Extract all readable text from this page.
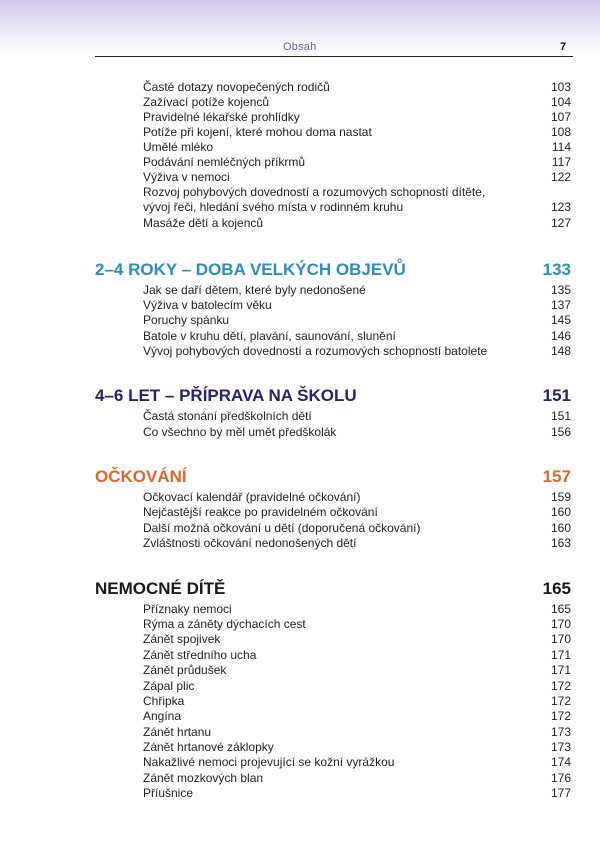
Obsah	7
Časté dotazy novopečených rodičů	103
Zažívací potíže kojenců	104
Pravidelné lékařské prohlídky	107
Potíže při kojení, které mohou doma nastat	108
Umělé mléko	114
Podávání nemléčných příkrmů	117
Výživa v nemoci	122
Rozvoj pohybových dovedností a rozumových schopností dítěte,
vývoj řeči, hledání svého místa v rodinném kruhu	123
Masáže dětí a kojenců	127
2–4 ROKY – DOBA VELKÝCH OBJEVŮ	133
Jak se daří dětem, které byly nedonošené	135
Výživa v batolecím věku	137
Poruchy spánku	145
Batole v kruhu dětí, plavání, saunování, slunění	146
Vývoj pohybových dovedností a rozumových schopností batolete	148
4–6 LET – PŘÍPRAVA NA ŠKOLU	151
Častá stonání předškolních dětí	151
Co všechno by měl umět předškolák	156
OČKOVÁNÍ	157
Očkovací kalendář (pravidelné očkování)	159
Nejčastější reakce po pravidelném očkování	160
Další možná očkování u dětí (doporučená očkování)	160
Zvláštnosti očkování nedonošených dětí	163
NEMOCNÉ DÍTĚ	165
Příznaky nemoci	165
Rýma a záněty dýchacích cest	170
Zánět spojivek	170
Zánět středního ucha	171
Zánět průdušek	171
Zápal plic	172
Chřipka	172
Angína	172
Zánět hrtanu	173
Zánět hrtanové záklopky	173
Nakažlivé nemoci projevující se kožní vyrážkou	174
Zánět mozkových blan	176
Příušnice	177
